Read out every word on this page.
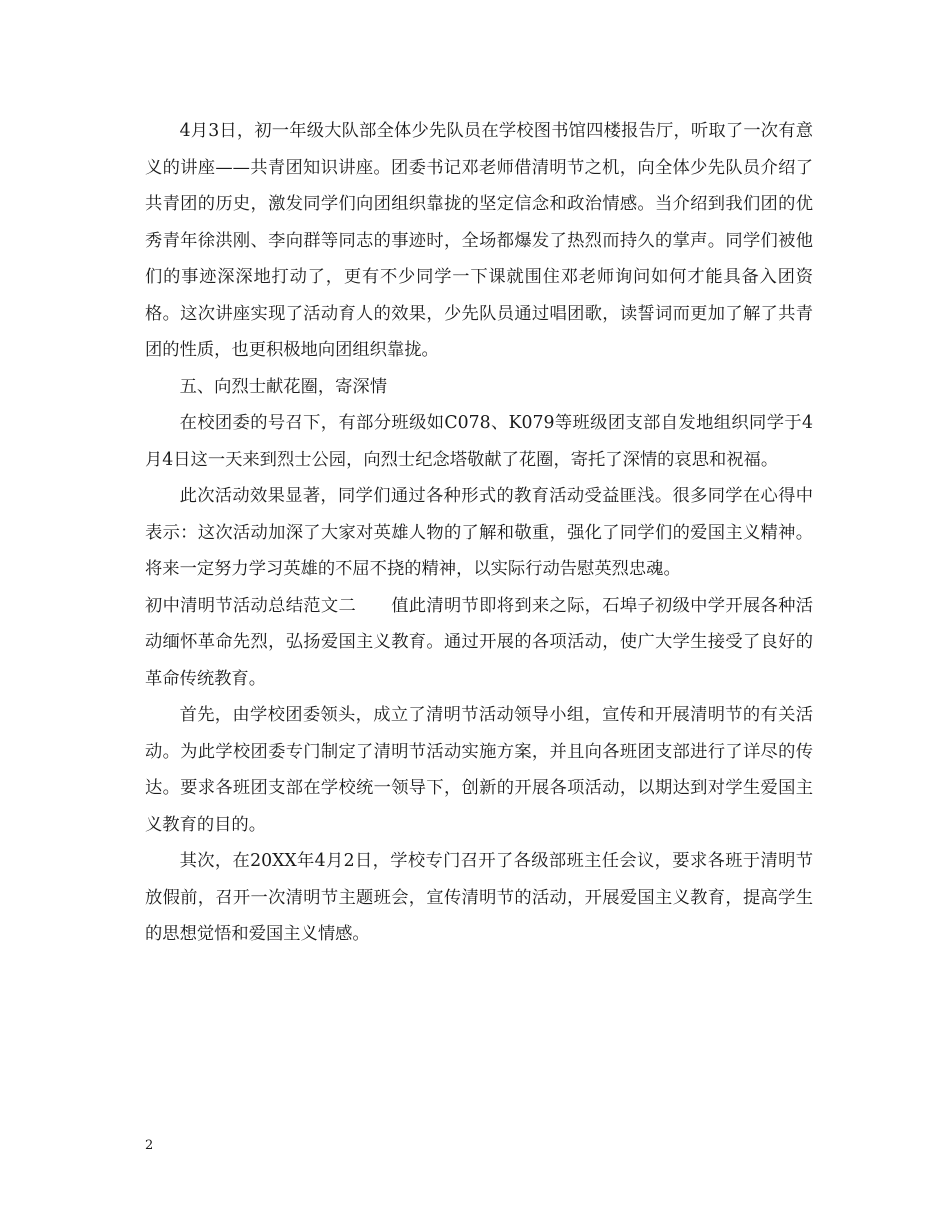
4月3日，初一年级大队部全体少先队员在学校图书馆四楼报告厅，听取了一次有意义的讲座——共青团知识讲座。团委书记邓老师借清明节之机，向全体少先队员介绍了共青团的历史，激发同学们向团组织靠拢的坚定信念和政治情感。当介绍到我们团的优秀青年徐洪刚、李向群等同志的事迹时，全场都爆发了热烈而持久的掌声。同学们被他们的事迹深深地打动了，更有不少同学一下课就围住邓老师询问如何才能具备入团资格。这次讲座实现了活动育人的效果，少先队员通过唱团歌，读誓词而更加了解了共青团的性质，也更积极地向团组织靠拢。

五、向烈士献花圈，寄深情

在校团委的号召下，有部分班级如C078、K079等班级团支部自发地组织同学于4月4日这一天来到烈士公园，向烈士纪念塔敬献了花圈，寄托了深情的哀思和祝福。

此次活动效果显著，同学们通过各种形式的教育活动受益匪浅。很多同学在心得中表示：这次活动加深了大家对英雄人物的了解和敬重，强化了同学们的爱国主义精神。将来一定努力学习英雄的不屈不挠的精神，以实际行动告慰英烈忠魂。

初中清明节活动总结范文二　　值此清明节即将到来之际，石埠子初级中学开展各种活动缅怀革命先烈，弘扬爱国主义教育。通过开展的各项活动，使广大学生接受了良好的革命传统教育。

首先，由学校团委领头，成立了清明节活动领导小组，宣传和开展清明节的有关活动。为此学校团委专门制定了清明节活动实施方案，并且向各班团支部进行了详尽的传达。要求各班团支部在学校统一领导下，创新的开展各项活动，以期达到对学生爱国主义教育的目的。

其次，在20XX年4月2日，学校专门召开了各级部班主任会议，要求各班于清明节放假前，召开一次清明节主题班会，宣传清明节的活动，开展爱国主义教育，提高学生的思想觉悟和爱国主义情感。

2
